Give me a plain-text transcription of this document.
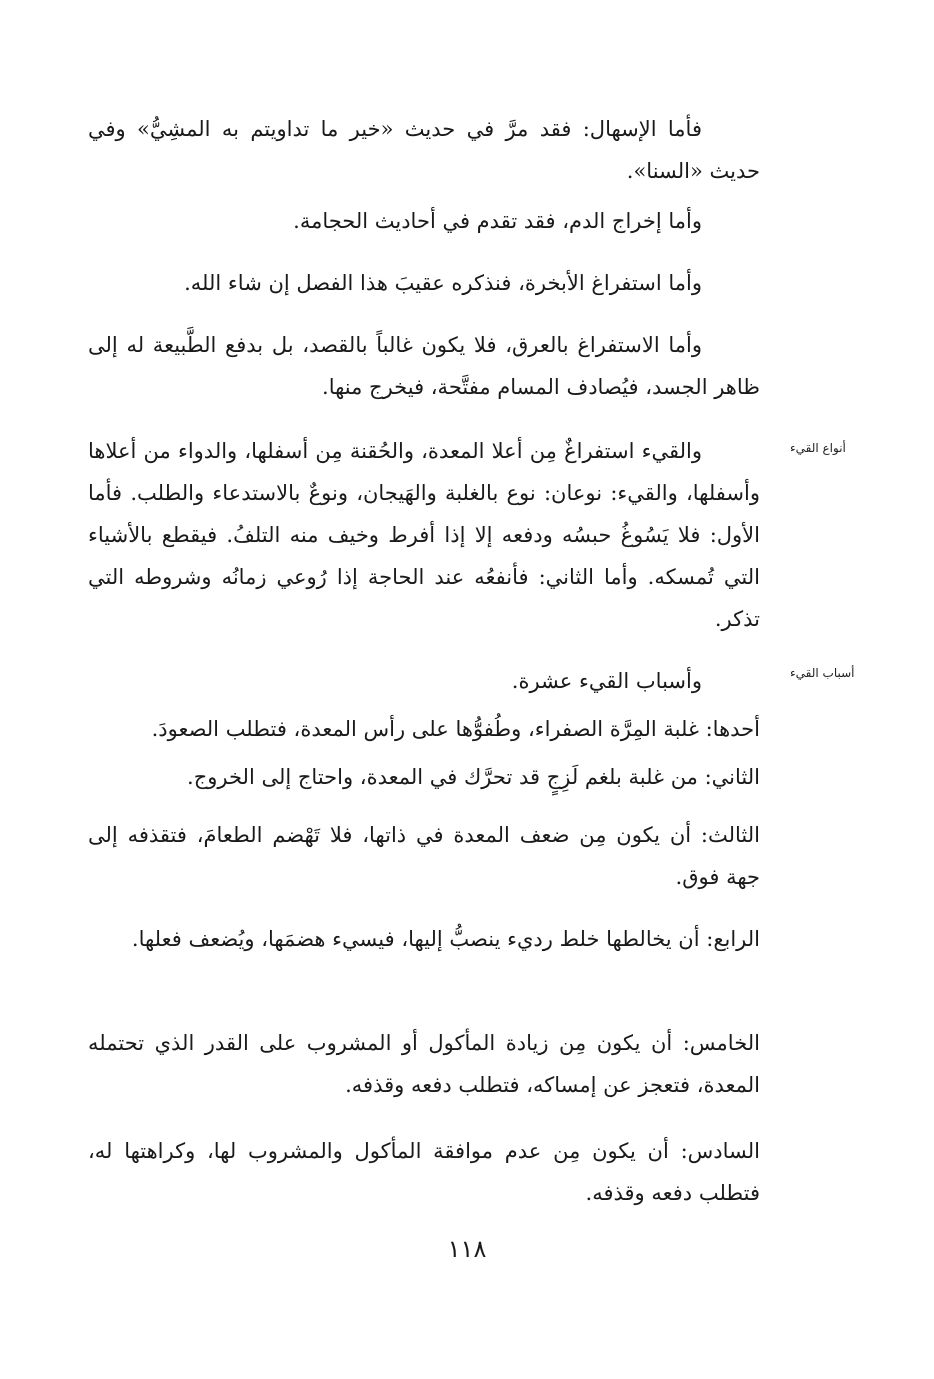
أنواع القيء
أسباب القيء

فأما الإسهال: فقد مرَّ في حديث «خير ما تداويتم به المشِيُّ» وفي حديث «السنا».

وأما إخراج الدم، فقد تقدم في أحاديث الحجامة.

وأما استفراغ الأبخرة، فنذكره عقيبَ هذا الفصل إن شاء الله.

وأما الاستفراغ بالعرق، فلا يكون غالباً بالقصد، بل بدفع الطَّبيعة له إلى ظاهر الجسد، فيُصادف المسام مفتَّحة، فيخرج منها.

والقيء استفراغٌ مِن أعلا المعدة، والحُقنة مِن أسفلها، والدواء من أعلاها وأسفلها، والقيء: نوعان: نوع بالغلبة والهَيجان، ونوعٌ بالاستدعاء والطلب. فأما الأول: فلا يَسُوغُ حبسُه ودفعه إلا إذا أفرط وخيف منه التلفُ. فيقطع بالأشياء التي تُمسكه. وأما الثاني: فأنفعُه عند الحاجة إذا رُوعي زمانُه وشروطه التي تذكر.

وأسباب القيء عشرة.

أحدها: غلبة المِرَّة الصفراء، وطُفوُّها على رأس المعدة، فتطلب الصعودَ.

الثاني: من غلبة بلغم لَزِجٍ قد تحرَّك في المعدة، واحتاج إلى الخروج.

الثالث: أن يكون مِن ضعف المعدة في ذاتها، فلا تَهْضم الطعامَ، فتقذفه إلى جهة فوق.

الرابع: أن يخالطها خلط رديء ينصبُّ إليها، فيسيء هضمَها، ويُضعف فعلها.

الخامس: أن يكون مِن زيادة المأكول أو المشروب على القدر الذي تحتمله المعدة، فتعجز عن إمساكه، فتطلب دفعه وقذفه.

السادس: أن يكون مِن عدم موافقة المأكول والمشروب لها، وكراهتها له، فتطلب دفعه وقذفه.

١١٨
